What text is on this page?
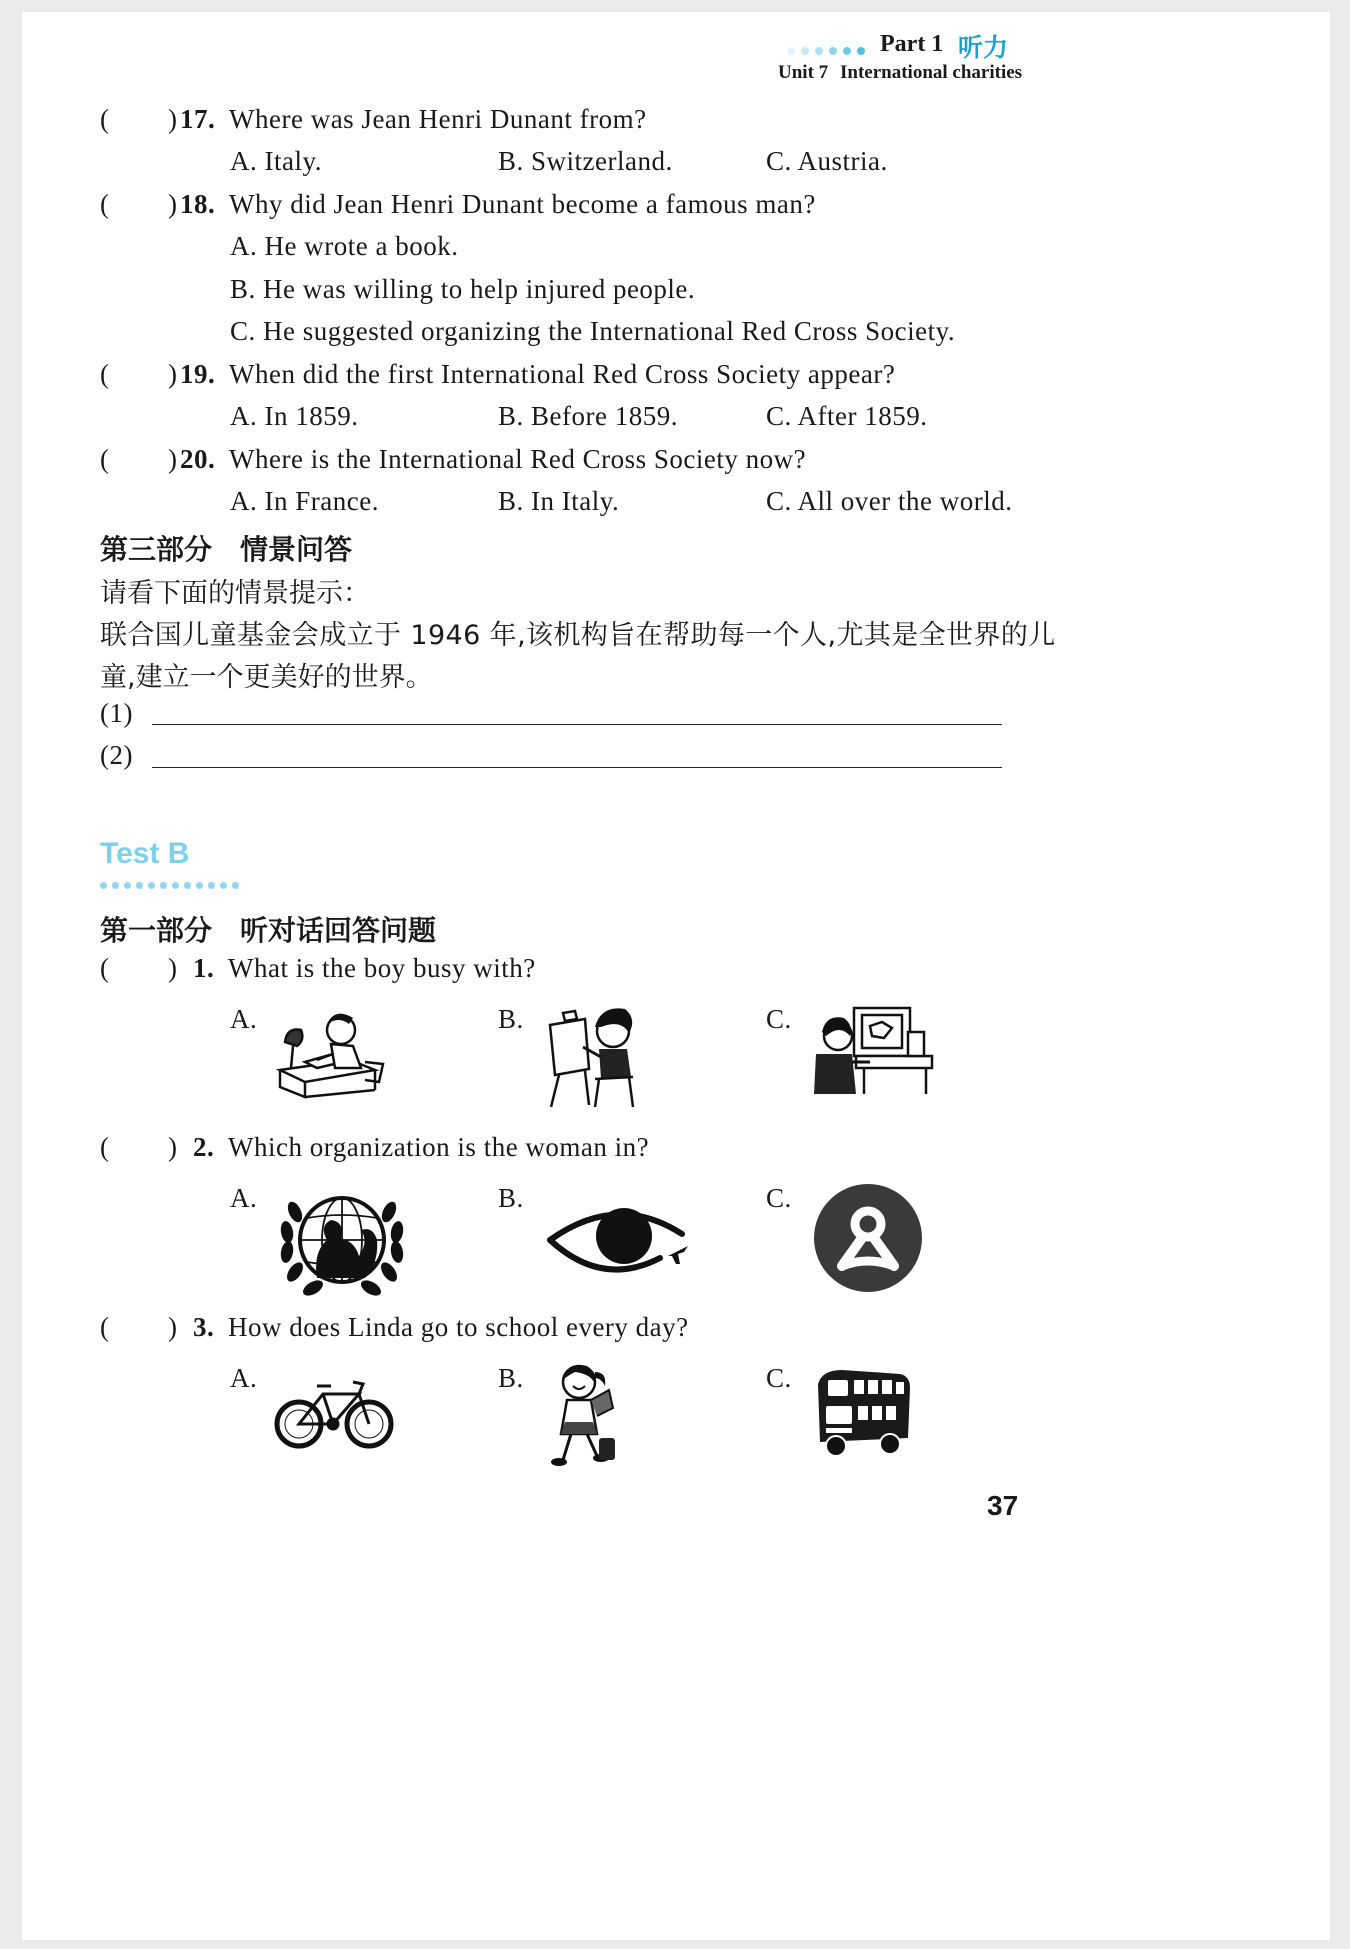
Part 1 听力
Unit 7 International charities
( ) 17. Where was Jean Henri Dunant from?
A. Italy.	B. Switzerland.	C. Austria.
( ) 18. Why did Jean Henri Dunant become a famous man?
A. He wrote a book.
B. He was willing to help injured people.
C. He suggested organizing the International Red Cross Society.
( ) 19. When did the first International Red Cross Society appear?
A. In 1859.	B. Before 1859.	C. After 1859.
( ) 20. Where is the International Red Cross Society now?
A. In France.	B. In Italy.	C. All over the world.
第三部分　情景问答
请看下面的情景提示：
联合国儿童基金会成立于 1946 年,该机构旨在帮助每一个人,尤其是全世界的儿
童,建立一个更美好的世界。
(1)
(2)
Test B
第一部分　听对话回答问题
( ) 1. What is the boy busy with?
A.	B.	C.
( ) 2. Which organization is the woman in?
A.	B.	C.
( ) 3. How does Linda go to school every day?
A.	B.	C.
37
